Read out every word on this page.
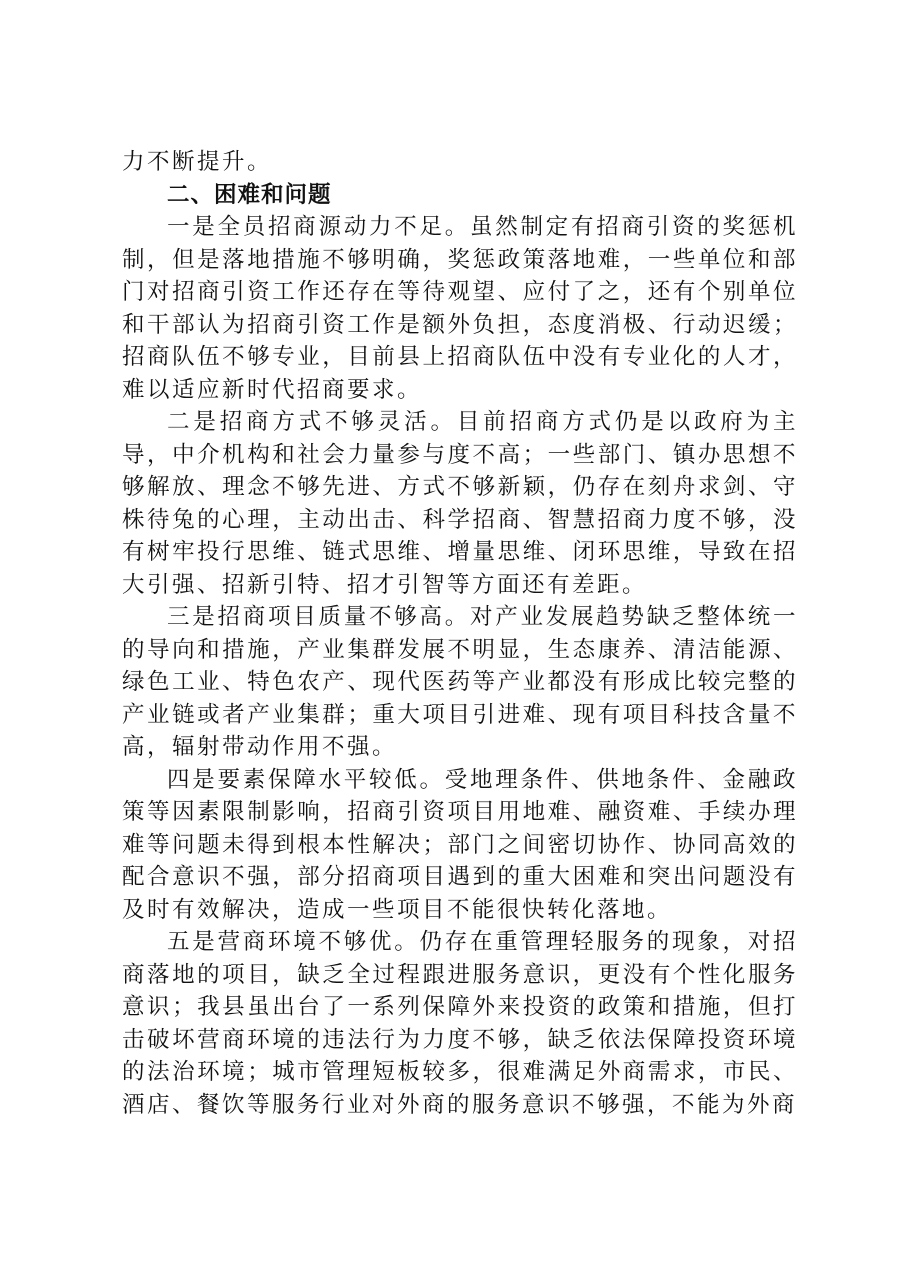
力不断提升。

二、困难和问题

一是全员招商源动力不足。虽然制定有招商引资的奖惩机制，但是落地措施不够明确，奖惩政策落地难，一些单位和部门对招商引资工作还存在等待观望、应付了之，还有个别单位和干部认为招商引资工作是额外负担，态度消极、行动迟缓；招商队伍不够专业，目前县上招商队伍中没有专业化的人才，难以适应新时代招商要求。

二是招商方式不够灵活。目前招商方式仍是以政府为主导，中介机构和社会力量参与度不高；一些部门、镇办思想不够解放、理念不够先进、方式不够新颖，仍存在刻舟求剑、守株待兔的心理，主动出击、科学招商、智慧招商力度不够，没有树牢投行思维、链式思维、增量思维、闭环思维，导致在招大引强、招新引特、招才引智等方面还有差距。

三是招商项目质量不够高。对产业发展趋势缺乏整体统一的导向和措施，产业集群发展不明显，生态康养、清洁能源、绿色工业、特色农产、现代医药等产业都没有形成比较完整的产业链或者产业集群；重大项目引进难、现有项目科技含量不高，辐射带动作用不强。

四是要素保障水平较低。受地理条件、供地条件、金融政策等因素限制影响，招商引资项目用地难、融资难、手续办理难等问题未得到根本性解决；部门之间密切协作、协同高效的配合意识不强，部分招商项目遇到的重大困难和突出问题没有及时有效解决，造成一些项目不能很快转化落地。

五是营商环境不够优。仍存在重管理轻服务的现象，对招商落地的项目，缺乏全过程跟进服务意识，更没有个性化服务意识；我县虽出台了一系列保障外来投资的政策和措施，但打击破坏营商环境的违法行为力度不够，缺乏依法保障投资环境的法治环境；城市管理短板较多，很难满足外商需求，市民、酒店、餐饮等服务行业对外商的服务意识不够强，不能为外商
